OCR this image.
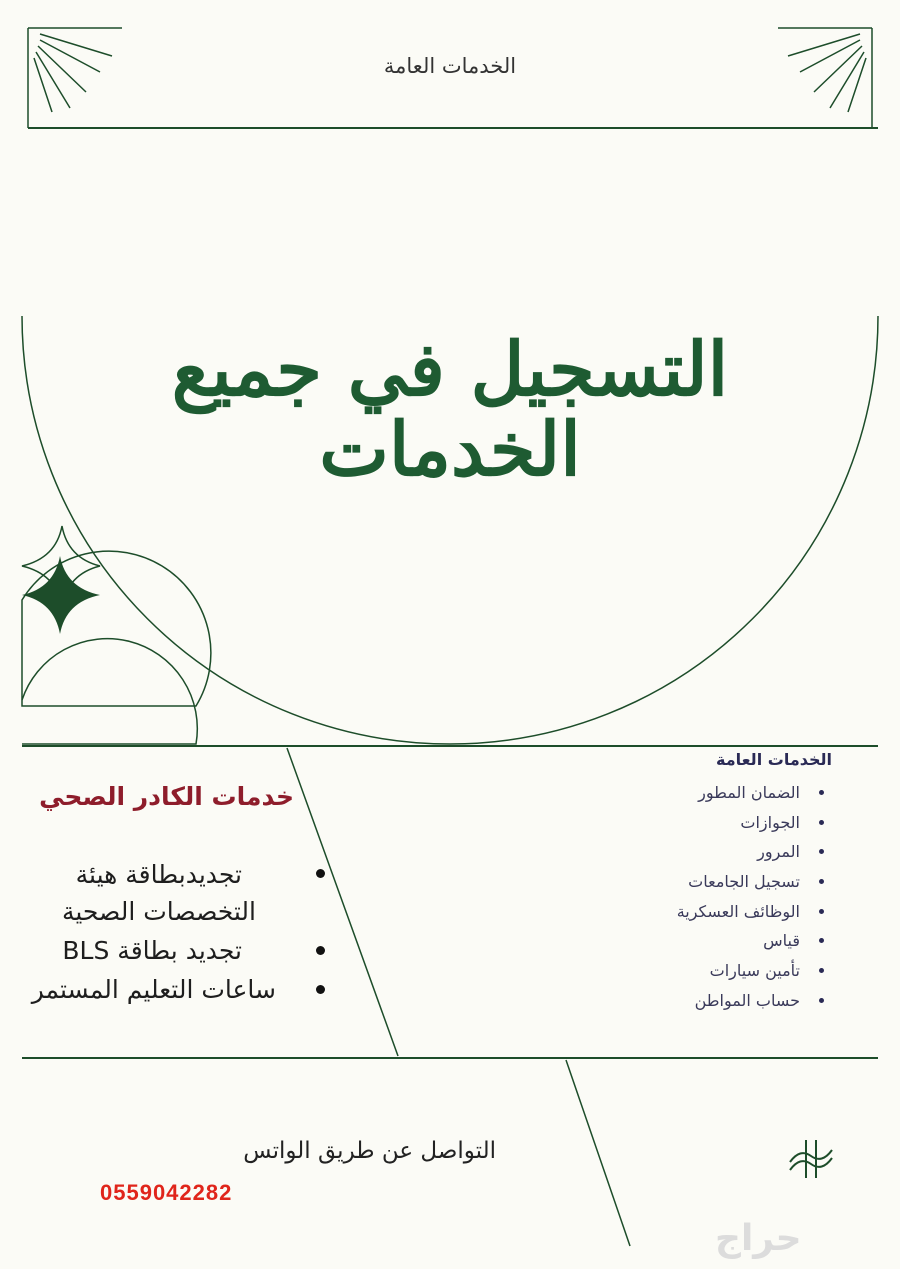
الخدمات العامة
التسجيل في جميع
الخدمات
الخدمات العامة
الضمان المطور
الجوازات
المرور
تسجيل الجامعات
الوظائف العسكرية
قياس
تأمين سيارات
حساب المواطن
خدمات الكادر الصحي
تجديدبطاقة هيئة
التخصصات الصحية
تجديد بطاقة BLS
ساعات التعليم المستمر
التواصل عن طريق الواتس
0559042282
حراج
